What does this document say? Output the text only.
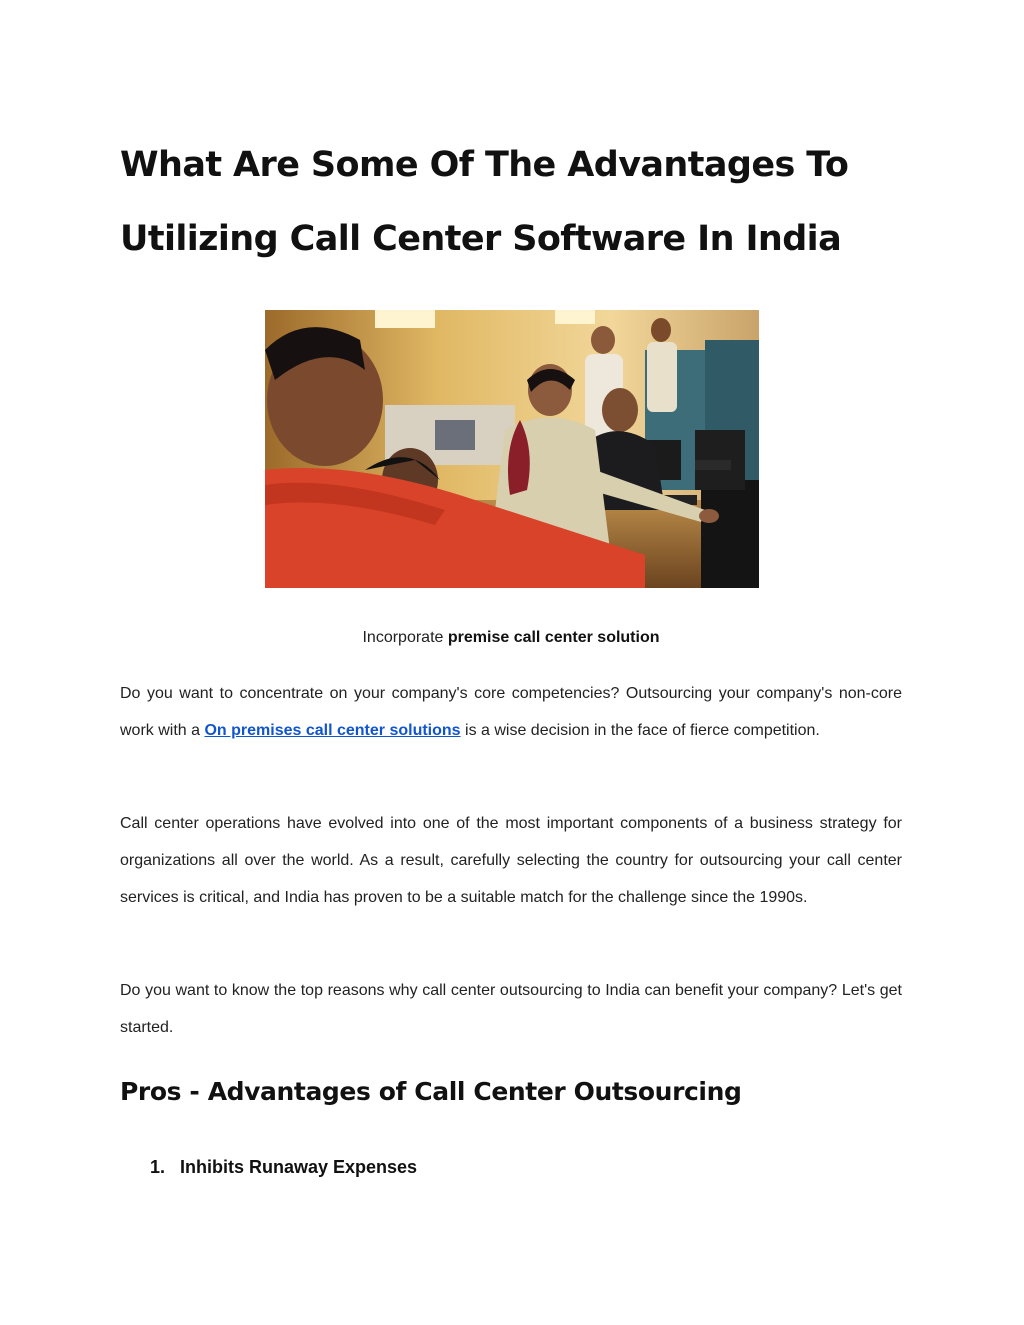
What Are Some Of The Advantages To Utilizing Call Center Software In India
Incorporate premise call center solution

Do you want to concentrate on your company's core competencies? Outsourcing your company's non-core work with a On premises call center solutions is a wise decision in the face of fierce competition.

Call center operations have evolved into one of the most important components of a business strategy for organizations all over the world. As a result, carefully selecting the country for outsourcing your call center services is critical, and India has proven to be a suitable match for the challenge since the 1990s.

Do you want to know the top reasons why call center outsourcing to India can benefit your company? Let's get started.

Pros - Advantages of Call Center Outsourcing
1. Inhibits Runaway Expenses
